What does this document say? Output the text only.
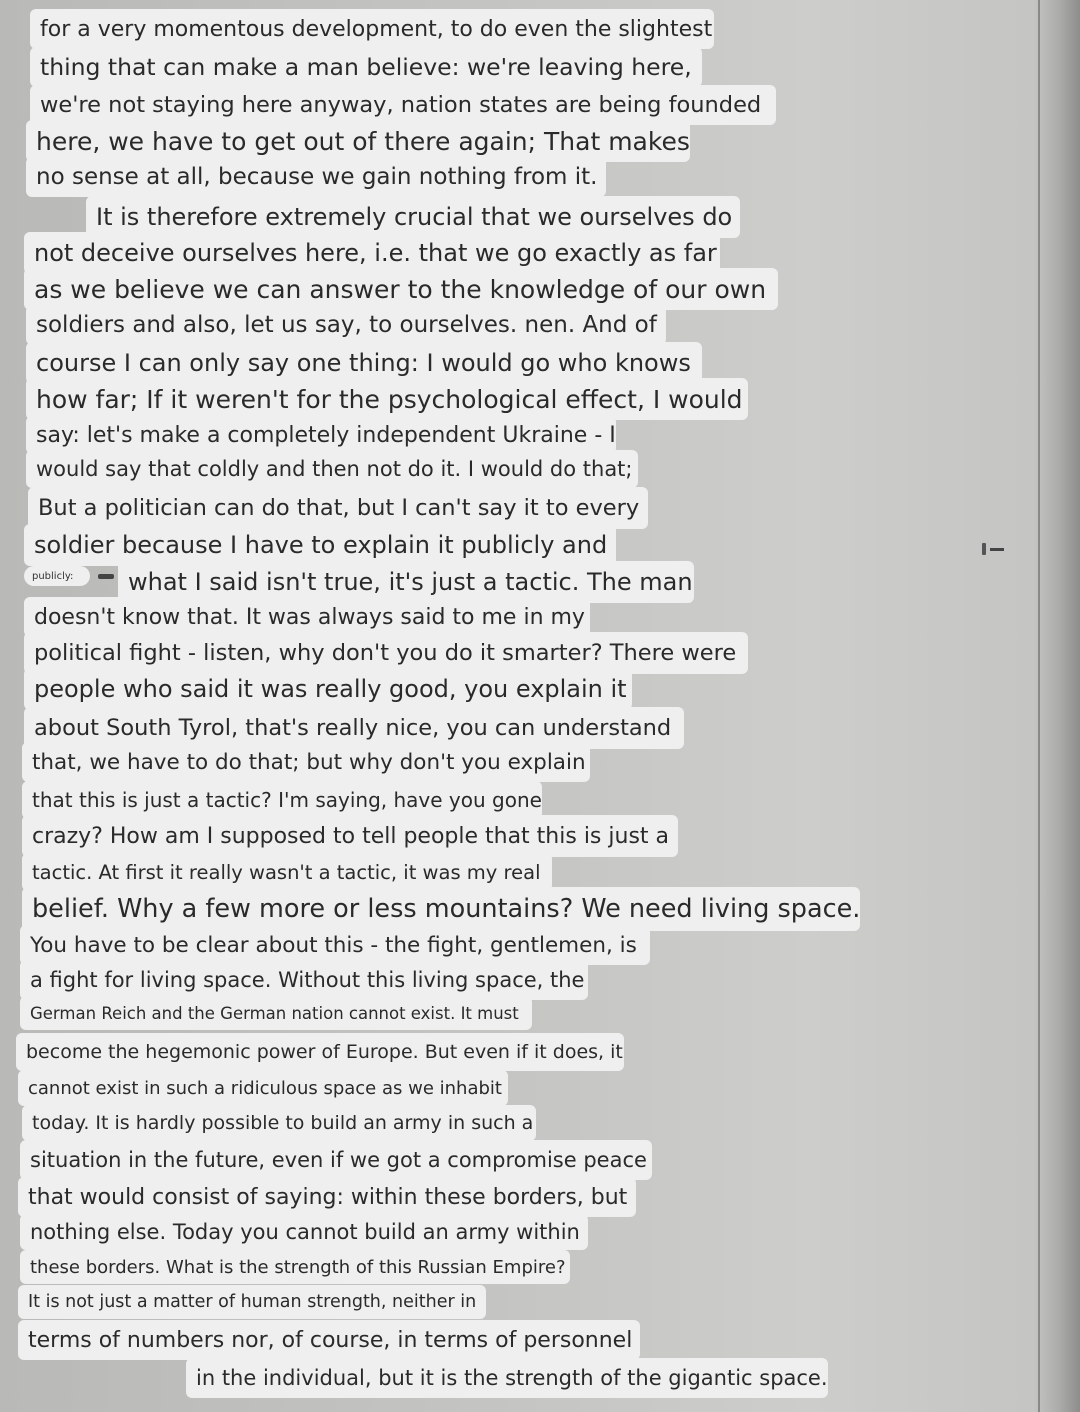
publicly:
for a very momentous development, to do even the slightest
thing that can make a man believe: we're leaving here,
we're not staying here anyway, nation states are being founded
here, we have to get out of there again; That makes
no sense at all, because we gain nothing from it.
It is therefore extremely crucial that we ourselves do
not deceive ourselves here, i.e. that we go exactly as far
as we believe we can answer to the knowledge of our own
soldiers and also, let us say, to ourselves. nen. And of
course I can only say one thing: I would go who knows
how far; If it weren't for the psychological effect, I would
say: let's make a completely independent Ukraine - I
would say that coldly and then not do it. I would do that;
But a politician can do that, but I can't say it to every
soldier because I have to explain it publicly and
what I said isn't true, it's just a tactic. The man
doesn't know that. It was always said to me in my
political fight - listen, why don't you do it smarter? There were
people who said it was really good, you explain it
about South Tyrol, that's really nice, you can understand
that, we have to do that; but why don't you explain
that this is just a tactic? I'm saying, have you gone
crazy? How am I supposed to tell people that this is just a
tactic. At first it really wasn't a tactic, it was my real
belief. Why a few more or less mountains? We need living space.
You have to be clear about this - the fight, gentlemen, is
a fight for living space. Without this living space, the
German Reich and the German nation cannot exist. It must
become the hegemonic power of Europe. But even if it does, it
cannot exist in such a ridiculous space as we inhabit
today. It is hardly possible to build an army in such a
situation in the future, even if we got a compromise peace
that would consist of saying: within these borders, but
nothing else. Today you cannot build an army within
these borders. What is the strength of this Russian Empire?
It is not just a matter of human strength, neither in
terms of numbers nor, of course, in terms of personnel
in the individual, but it is the strength of the gigantic space.
